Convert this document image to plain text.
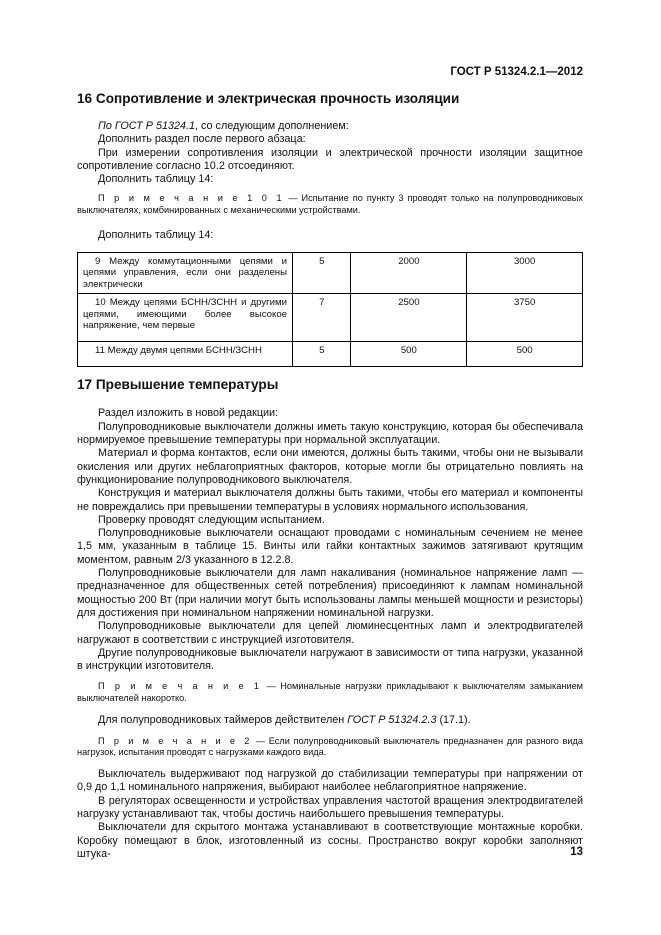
ГОСТ Р 51324.2.1—2012
16 Сопротивление и электрическая прочность изоляции

По ГОСТ Р 51324.1, со следующим дополнением:

Дополнить раздел после первого абзаца:

При измерении сопротивления изоляции и электрической прочности изоляции защитное сопротивление согласно 10.2 отсоединяют.

Дополнить таблицу 14:

П р и м е ч а н и е 1 0 1 — Испытание по пункту 3 проводят только на полупроводниковых выключателях, комбинированных с механическими устройствами.

Дополнить таблицу 14:

9 Между коммутационными цепями и цепями управления, если они разделены электрически	5	2000	3000
10 Между цепями БСНН/ЗСНН и другими цепями, имеющими более высокое напряжение, чем первые	7	2500	3750
11 Между двумя цепями БСНН/ЗСНН	5	500	500
17 Превышение температуры

Раздел изложить в новой редакции:

Полупроводниковые выключатели должны иметь такую конструкцию, которая бы обеспечивала нормируемое превышение температуры при нормальной эксплуатации.

Материал и форма контактов, если они имеются, должны быть такими, чтобы они не вызывали окисления или других неблагоприятных факторов, которые могли бы отрицательно повлиять на функционирование полупроводникового выключателя.

Конструкция и материал выключателя должны быть такими, чтобы его материал и компоненты не повреждались при превышении температуры в условиях нормального использования.

Проверку проводят следующим испытанием.

Полупроводниковые выключатели оснащают проводами с номинальным сечением не менее 1,5 мм, указанным в таблице 15. Винты или гайки контактных зажимов затягивают крутящим моментом, равным 2/3 указанного в 12.2.8.

Полупроводниковые выключатели для ламп накаливания (номинальное напряжение ламп — предназначенное для общественных сетей потребления) присоединяют к лампам номинальной мощностью 200 Вт (при наличии могут быть использованы лампы меньшей мощности и резисторы) для достижения при номинальном напряжении номинальной нагрузки.

Полупроводниковые выключатели для цепей люминесцентных ламп и электродвигателей нагружают в соответствии с инструкцией изготовителя.

Другие полупроводниковые выключатели нагружают в зависимости от типа нагрузки, указанной в инструкции изготовителя.

П р и м е ч а н и е 1 — Номинальные нагрузки прикладывают к выключателям замыканием выключателей накоротко.

Для полупроводниковых таймеров действителен ГОСТ Р 51324.2.3 (17.1).

П р и м е ч а н и е 2 — Если полупроводниковый выключатель предназначен для разного вида нагрузок, испытания проводят с нагрузками каждого вида.

Выключатель выдерживают под нагрузкой до стабилизации температуры при напряжении от 0,9 до 1,1 номинального напряжения, выбирают наиболее неблагоприятное напряжение.

В регуляторах освещенности и устройствах управления частотой вращения электродвигателей нагрузку устанавливают так, чтобы достичь наибольшего превышения температуры.

Выключатели для скрытого монтажа устанавливают в соответствующие монтажные коробки. Коробку помещают в блок, изготовленный из сосны. Пространство вокруг коробки заполняют штука-	13
